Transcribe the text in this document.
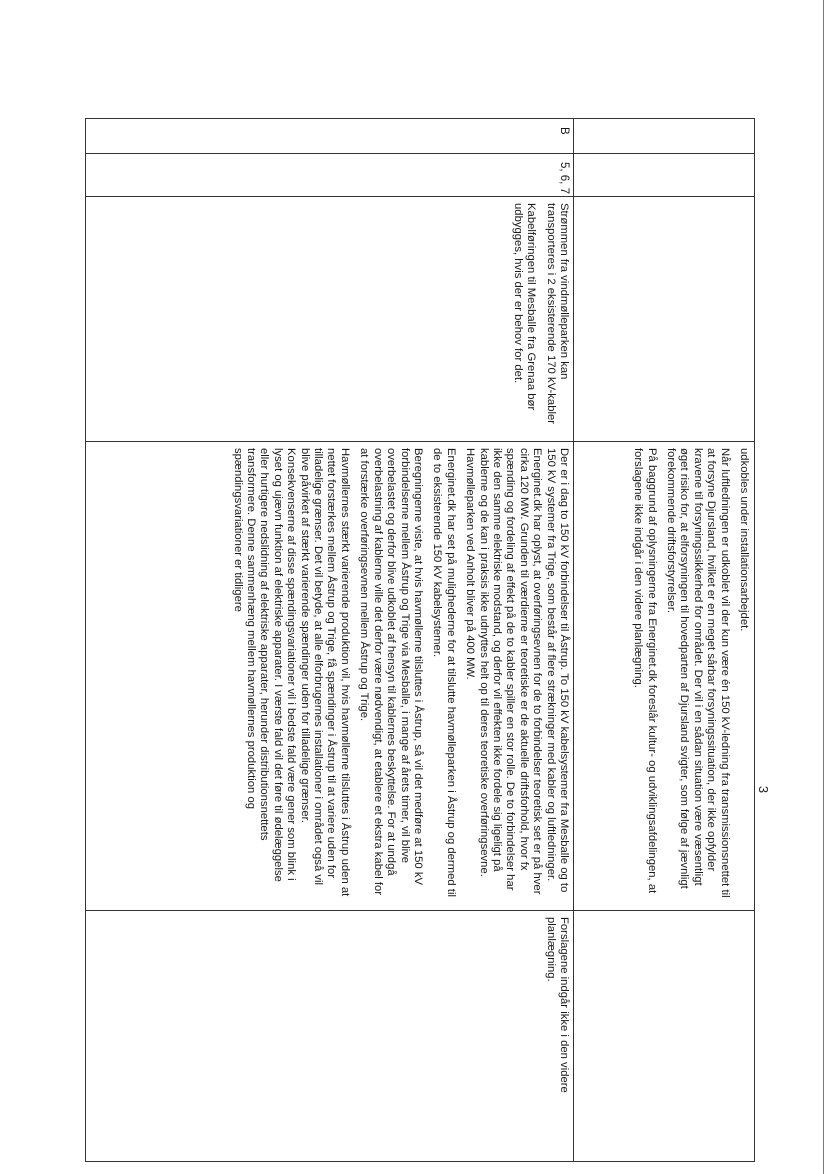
udkobles under installationsarbejdet.

Når luftledningen er udkoblet vil der kun være én 150 kV-ledning fra transmissionsnettet til at forsyne Djursland, hvilket er en meget sårbar forsyningssituation, der ikke opfylder kravene til forsyningssikkerhed for området. Der vil i en sådan situation være væsentligt øget risiko for, at elforsyningen til hovedparten af Djursland svigter, som følge af jævnligt forekommende driftsforstyrrelser.

På baggrund af oplysningerne fra Energinet.dk foreslår kultur- og udviklingsafdelingen, at forslagene ikke indgår i den videre planlægning.

B
5, 6, 7

Strømmen fra vindmølleparken kan transporteres i 2 eksisterende 170 kV-kabler

Kabelføringen til Mesballe fra Grenaa bør udbygges, hvis der er behov for det.

Der er i dag to 150 kV forbindelser til Åstrup. To 150 kV kabelsystemer fra Mesballe og to 150 kV systemer fra Trige, som består af flere strækninger med kabler og luftledninger. Energinet.dk har oplyst, at overføringsevnen for de to forbindelser teoretisk set er på hver cirka 120 MW. Grunden til værdierne er teoretiske er de aktuelle driftsforhold, hvor fx spænding og fordeling af effekt på de to kabler spiller en stor rolle. De to forbindelser har ikke den samme elektriske modstand, og derfor vil effekten ikke fordele sig ligeligt på kablerne og de kan i praksis ikke udnyttes helt op til deres teoretiske overføringsevne. Havmølleparken ved Anholt bliver på 400 MW.

Energinet.dk har set på mulighederne for at tilslutte havmølleparken i Åstrup og dermed til de to eksisterende 150 kV kabelsystemer.

Beregningerne viste, at hvis havmøllerne tilsluttes i Åstrup, så vil det medføre at 150 kV forbindelserne mellem Åstrup og Trige via Mesballe, i mange af årets timer, vil blive overbelastet og derfor blive udkoblet af hensyn til kablernes beskyttelse. For at undgå overbelastning af kablerne ville det derfor være nødvendigt, at etablere et ekstra kabel for at forstærke overføringsevnen mellem Åstrup og Trige.

Havmøllernes stærkt varierende produktion vil, hvis havmøllerne tilsluttes i Åstrup uden at nettet forstærkes mellem Åstrup og Trige, få spændinger i Åstrup til at variere uden for tilladelige grænser. Det vil betyde, at alle elforbrugernes installationer i området også vil blive påvirket af stærkt varierende spændinger uden for tilladelige grænser. Konsekvenserne af disse spændingsvariationer vil i bedste fald være gener som blink i lyset og ujævn funktion af elektriske apparater. I værste fald vil det føre til ødelæggelse eller hurtigere nedslidning af elektriske apparater, herunder distributionsnettets transformere. Denne sammenhæng mellem havmøllernes produktion og spændingsvariationer er tidligere

Forslagene indgår ikke i den videre planlægning.
3
